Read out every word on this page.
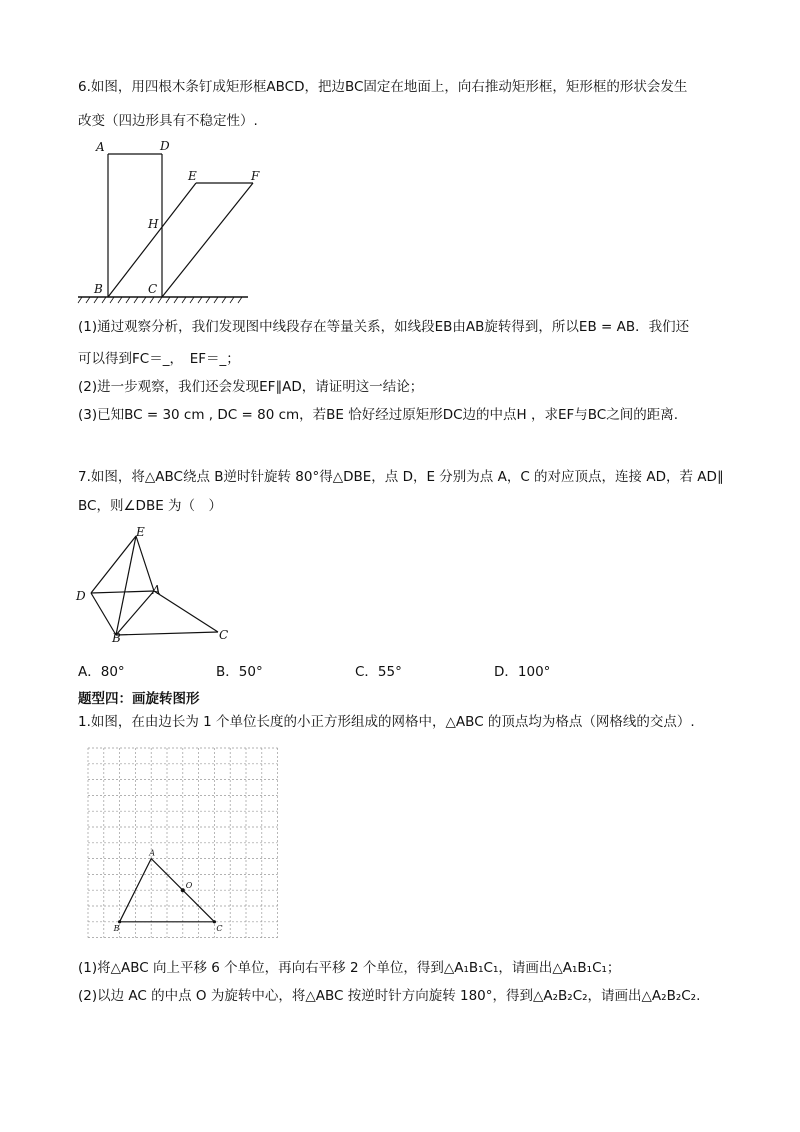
6.如图，用四根木条钉成矩形框ABCD，把边BC固定在地面上，向右推动矩形框，矩形框的形状会发生
改变（四边形具有不稳定性）.
A	D
E	F
H
B	C
(1)通过观察分析，我们发现图中线段存在等量关系，如线段EB由AB旋转得到，所以EB = AB．我们还
可以得到FC＝_，　EF＝_；
(2)进一步观察，我们还会发现EF∥AD，请证明这一结论；
(3)已知BC = 30 cm , DC = 80 cm，若BE 恰好经过原矩形DC边的中点H ，求EF与BC之间的距离.
7.如图，将△ABC绕点 B逆时针旋转 80°得△DBE，点 D，E 分别为点 A，C 的对应顶点，连接 AD，若 AD∥
BC，则∠DBE 为（　）
E
D	A
B	C
A．80°	B．50°	C．55°	D．100°
题型四：画旋转图形
1.如图，在由边长为 1 个单位长度的小正方形组成的网格中，△ABC 的顶点均为格点（网格线的交点）.
A
O
B	C
(1)将△ABC 向上平移 6 个单位，再向右平移 2 个单位，得到△A₁B₁C₁，请画出△A₁B₁C₁；
(2)以边 AC 的中点 O 为旋转中心，将△ABC 按逆时针方向旋转 180°，得到△A₂B₂C₂，请画出△A₂B₂C₂.
